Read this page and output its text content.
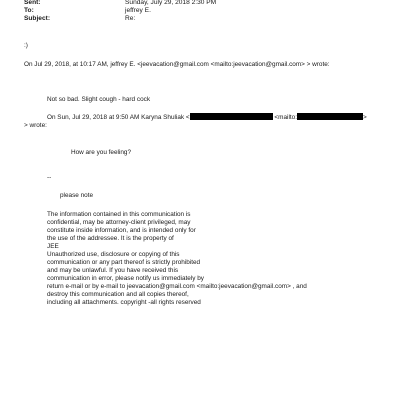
Sent:	Sunday, July 29, 2018 2:30 PM
To:	jeffrey E.
Subject:	Re:
:)
On Jul 29, 2018, at 10:17 AM, jeffrey E. <jeevacation@gmail.com <mailto:jeevacation@gmail.com> > wrote:
Not so bad. Slight cough - hard cock
On Sun, Jul 29, 2018 at 9:50 AM Karyna Shuliak <	<mailto:	>
> wrote:
How are you feeling?
--
please note
The information contained in this communication is
confidential, may be attorney-client privileged, may
constitute inside information, and is intended only for
the use of the addressee. It is the property of
JEE
Unauthorized use, disclosure or copying of this
communication or any part thereof is strictly prohibited
and may be unlawful. If you have received this
communication in error, please notify us immediately by
return e-mail or by e-mail to jeevacation@gmail.com <mailto:jeevacation@gmail.com> , and
destroy this communication and all copies thereof,
including all attachments. copyright -all rights reserved
